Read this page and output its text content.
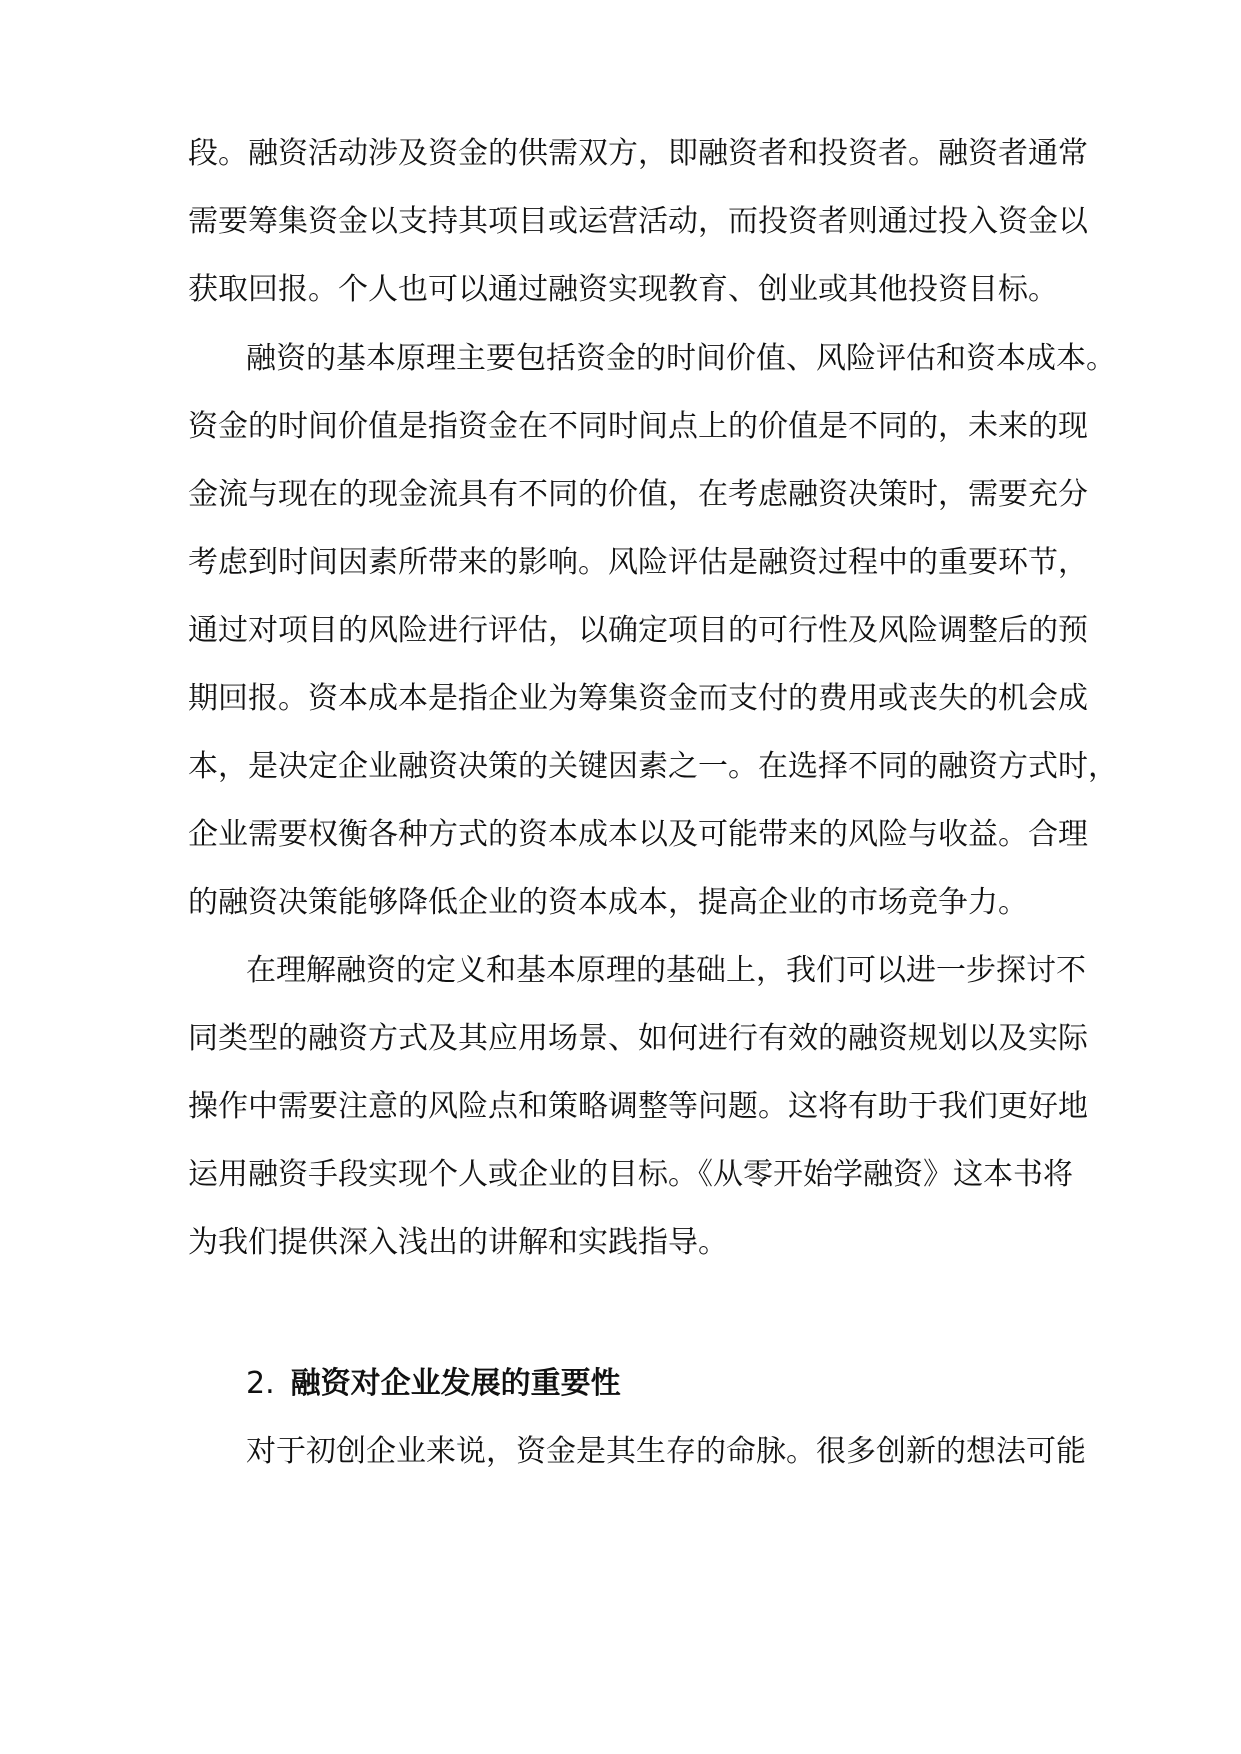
段。融资活动涉及资金的供需双方，即融资者和投资者。融资者通常
需要筹集资金以支持其项目或运营活动，而投资者则通过投入资金以
获取回报。个人也可以通过融资实现教育、创业或其他投资目标。
融资的基本原理主要包括资金的时间价值、风险评估和资本成本。
资金的时间价值是指资金在不同时间点上的价值是不同的，未来的现
金流与现在的现金流具有不同的价值，在考虑融资决策时，需要充分
考虑到时间因素所带来的影响。风险评估是融资过程中的重要环节，
通过对项目的风险进行评估，以确定项目的可行性及风险调整后的预
期回报。资本成本是指企业为筹集资金而支付的费用或丧失的机会成
本，是决定企业融资决策的关键因素之一。在选择不同的融资方式时，
企业需要权衡各种方式的资本成本以及可能带来的风险与收益。合理
的融资决策能够降低企业的资本成本，提高企业的市场竞争力。
在理解融资的定义和基本原理的基础上，我们可以进一步探讨不
同类型的融资方式及其应用场景、如何进行有效的融资规划以及实际
操作中需要注意的风险点和策略调整等问题。这将有助于我们更好地
运用融资手段实现个人或企业的目标。《从零开始学融资》这本书将
为我们提供深入浅出的讲解和实践指导。
2. 融资对企业发展的重要性
对于初创企业来说，资金是其生存的命脉。很多创新的想法可能
